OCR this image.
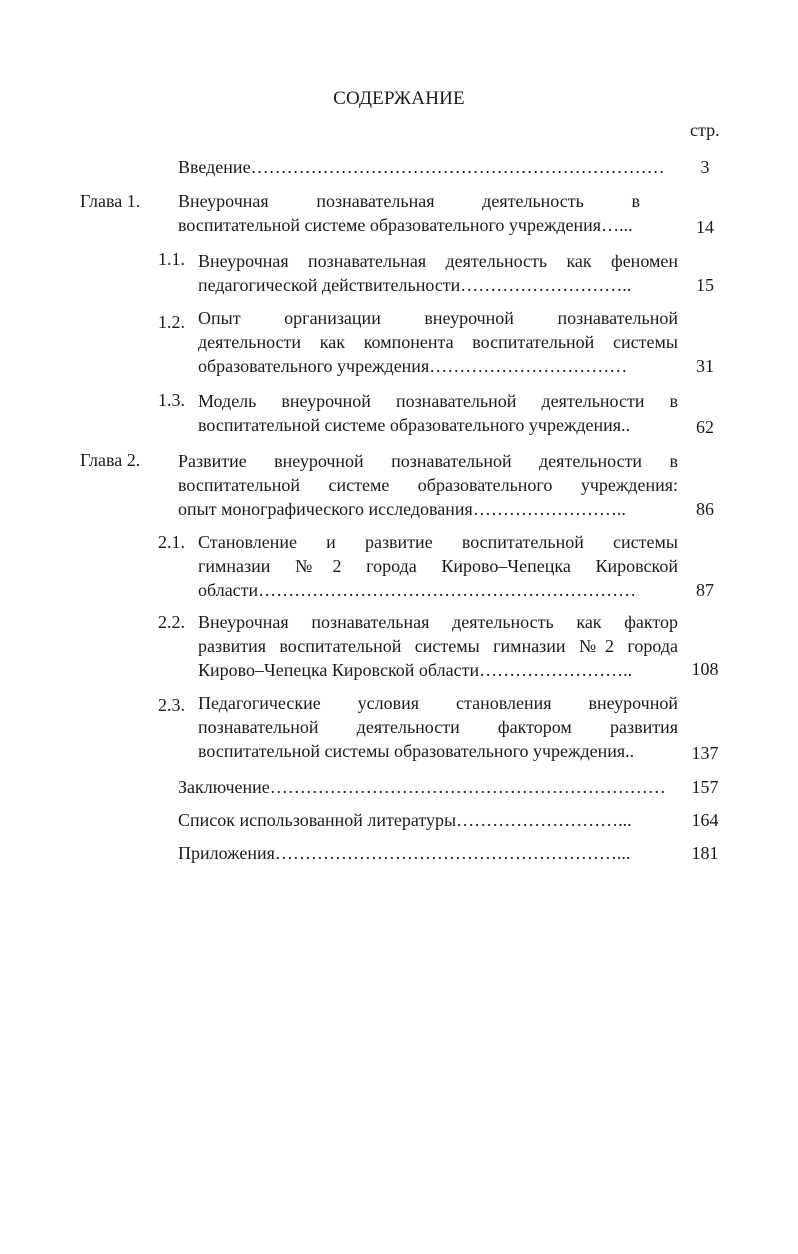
СОДЕРЖАНИЕ
стр.
Введение……………………………………………………………	3
Глава 1. Внеурочная познавательная деятельность в
воспитательной системе образовательного учреждения…...	14
1.1. Внеурочная познавательная деятельность как феномен
педагогической действительности………………………..	15
1.2. Опыт организации внеурочной познавательной
деятельности как компонента воспитательной системы
образовательного учреждения……………………………	31
1.3. Модель внеурочной познавательной деятельности в
воспитательной системе образовательного учреждения..	62
Глава 2. Развитие внеурочной познавательной деятельности в
воспитательной системе образовательного учреждения:
опыт монографического исследования……………………..	86
2.1. Становление и развитие воспитательной системы
гимназии №2 города Кирово–Чепецка Кировской
области………………………………………………………	87
2.2. Внеурочная познавательная деятельность как фактор
развития воспитательной системы гимназии №2 города
Кирово–Чепецка Кировской области……………………..	108
2.3. Педагогические условия становления внеурочной
познавательной деятельности фактором развития
воспитательной системы образовательного учреждения..	137
Заключение…………………………………………………………	157
Список использованной литературы………………………...	164
Приложения…………………………………………………...	181
